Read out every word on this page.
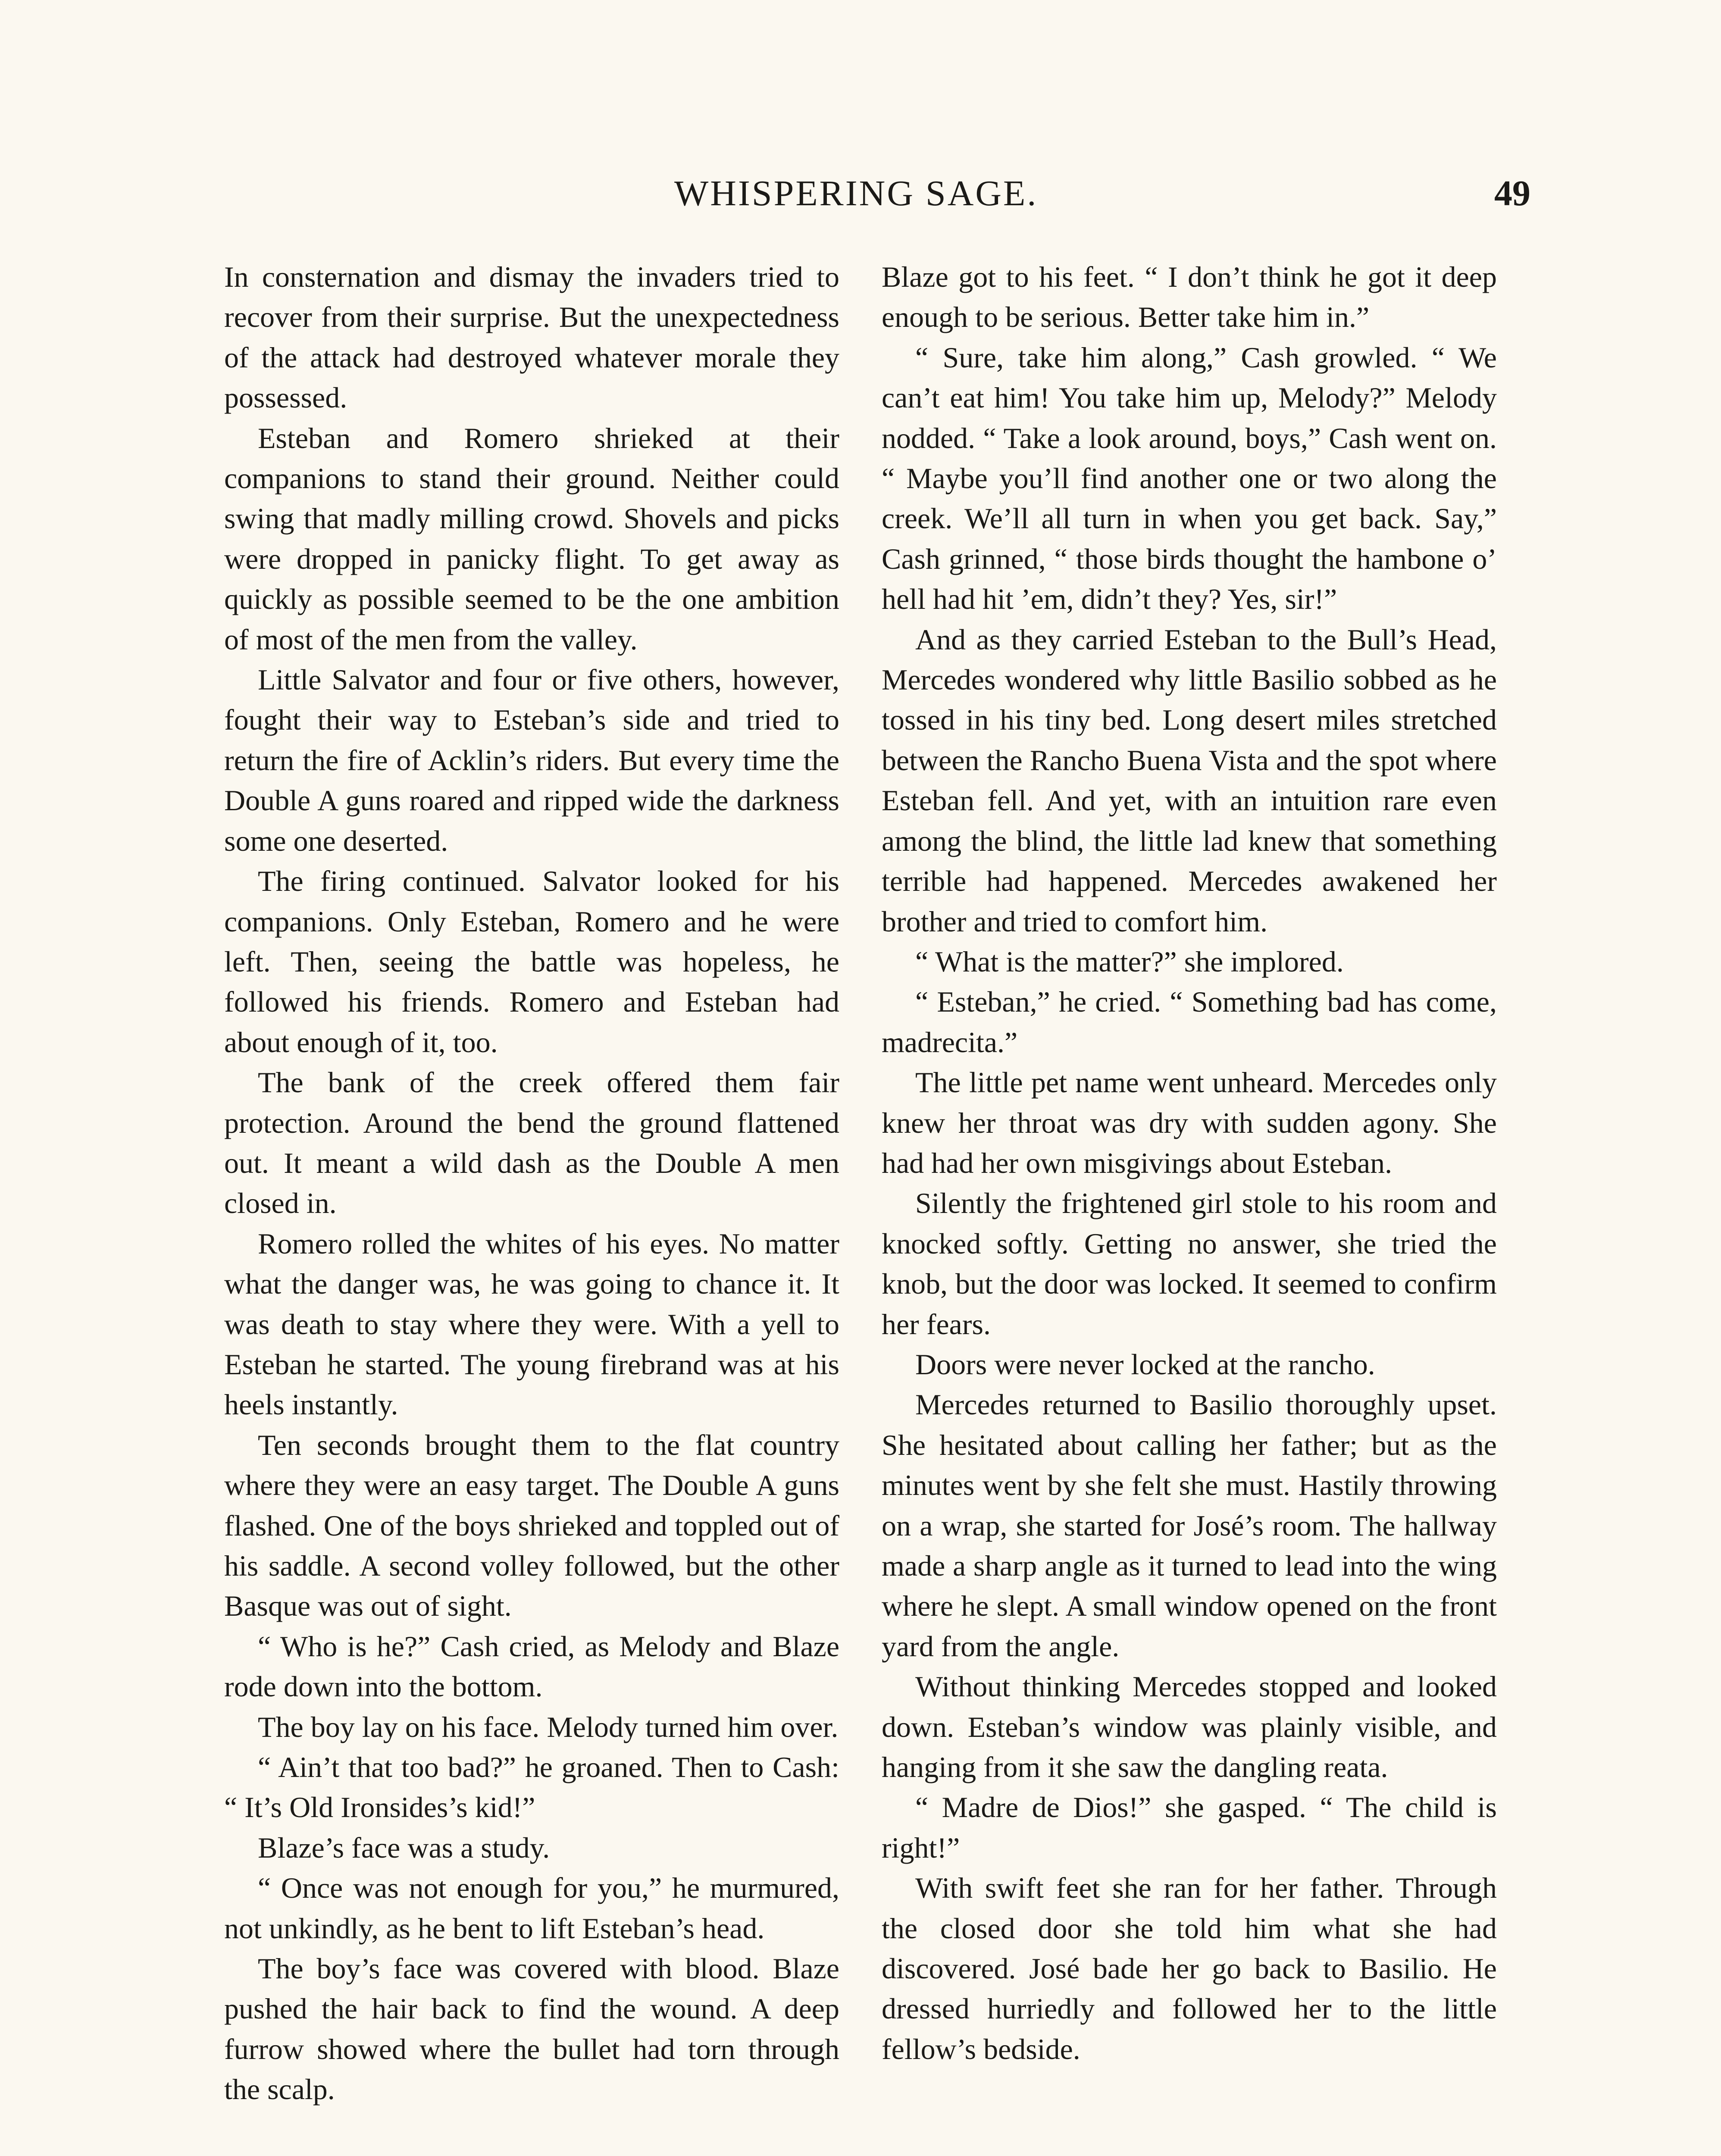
WHISPERING SAGE.	49

In consternation and dismay the invaders tried to recover from their surprise. But the unexpectedness of the attack had destroyed whatever morale they possessed.

Esteban and Romero shrieked at their companions to stand their ground. Neither could swing that madly milling crowd. Shovels and picks were dropped in panicky flight. To get away as quickly as possible seemed to be the one ambition of most of the men from the valley.

Little Salvator and four or five others, however, fought their way to Esteban’s side and tried to return the fire of Acklin’s riders. But every time the Double A guns roared and ripped wide the darkness some one deserted.

The firing continued. Salvator looked for his companions. Only Esteban, Romero and he were left. Then, seeing the battle was hopeless, he followed his friends. Romero and Esteban had about enough of it, too.

The bank of the creek offered them fair protection. Around the bend the ground flattened out. It meant a wild dash as the Double A men closed in.

Romero rolled the whites of his eyes. No matter what the danger was, he was going to chance it. It was death to stay where they were. With a yell to Esteban he started. The young firebrand was at his heels instantly.

Ten seconds brought them to the flat country where they were an easy target. The Double A guns flashed. One of the boys shrieked and toppled out of his saddle. A second volley followed, but the other Basque was out of sight.

“ Who is he?” Cash cried, as Melody and Blaze rode down into the bottom.

The boy lay on his face. Melody turned him over.

“ Ain’t that too bad?” he groaned. Then to Cash: “ It’s Old Ironsides’s kid!”

Blaze’s face was a study.

“ Once was not enough for you,” he murmured, not unkindly, as he bent to lift Esteban’s head.

The boy’s face was covered with blood. Blaze pushed the hair back to find the wound. A deep furrow showed where the bullet had torn through the scalp.

Blaze got to his feet. “ I don’t think he got it deep enough to be serious. Better take him in.”

“ Sure, take him along,” Cash growled. “ We can’t eat him! You take him up, Melody?” Melody nodded. “ Take a look around, boys,” Cash went on. “ Maybe you’ll find another one or two along the creek. We’ll all turn in when you get back. Say,” Cash grinned, “ those birds thought the hambone o’ hell had hit ’em, didn’t they? Yes, sir!”

And as they carried Esteban to the Bull’s Head, Mercedes wondered why little Basilio sobbed as he tossed in his tiny bed. Long desert miles stretched between the Rancho Buena Vista and the spot where Esteban fell. And yet, with an intuition rare even among the blind, the little lad knew that something terrible had happened. Mercedes awakened her brother and tried to comfort him.

“ What is the matter?” she implored.

“ Esteban,” he cried. “ Something bad has come, madrecita.”

The little pet name went unheard. Mercedes only knew her throat was dry with sudden agony. She had had her own misgivings about Esteban.

Silently the frightened girl stole to his room and knocked softly. Getting no answer, she tried the knob, but the door was locked. It seemed to confirm her fears.

Doors were never locked at the rancho.

Mercedes returned to Basilio thoroughly upset. She hesitated about calling her father; but as the minutes went by she felt she must. Hastily throwing on a wrap, she started for José’s room. The hallway made a sharp angle as it turned to lead into the wing where he slept. A small window opened on the front yard from the angle.

Without thinking Mercedes stopped and looked down. Esteban’s window was plainly visible, and hanging from it she saw the dangling reata.

“ Madre de Dios!” she gasped. “ The child is right!”

With swift feet she ran for her father. Through the closed door she told him what she had discovered. José bade her go back to Basilio. He dressed hurriedly and followed her to the little fellow’s bedside.
